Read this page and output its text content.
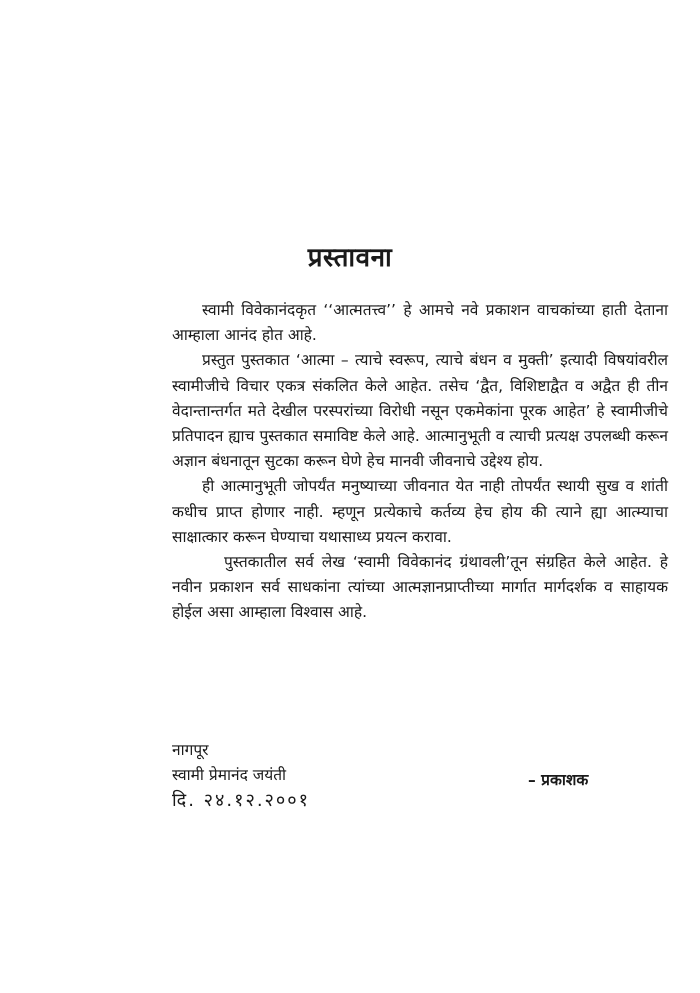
प्रस्तावना

स्वामी विवेकानंदकृत ‘‘आत्मतत्त्व’’ हे आमचे नवे प्रकाशन वाचकांच्या हाती देताना आम्हाला आनंद होत आहे.

प्रस्तुत पुस्तकात ‘आत्मा – त्याचे स्वरूप, त्याचे बंधन व मुक्ती’ इत्यादी विषयांवरील स्वामीजीचे विचार एकत्र संकलित केले आहेत. तसेच ‘द्वैत, विशिष्टाद्वैत व अद्वैत ही तीन वेदान्तान्तर्गत मते देखील परस्परांच्या विरोधी नसून एकमेकांना पूरक आहेत’ हे स्वामीजीचे प्रतिपादन ह्याच पुस्तकात समाविष्ट केले आहे. आत्मानुभूती व त्याची प्रत्यक्ष उपलब्धी करून अज्ञान बंधनातून सुटका करून घेणे हेच मानवी जीवनाचे उद्देश्य होय.

ही आत्मानुभूती जोपर्यंत मनुष्याच्या जीवनात येत नाही तोपर्यंत स्थायी सुख व शांती कधीच प्राप्त होणार नाही. म्हणून प्रत्येकाचे कर्तव्य हेच होय की त्याने ह्या आत्म्याचा साक्षात्कार करून घेण्याचा यथासाध्य प्रयत्न करावा.

पुस्तकातील सर्व लेख ‘स्वामी विवेकानंद ग्रंथावली’तून संग्रहित केले आहेत. हे नवीन प्रकाशन सर्व साधकांना त्यांच्या आत्मज्ञानप्राप्तीच्या मार्गात मार्गदर्शक व साहायक होईल असा आम्हाला विश्वास आहे.

नागपूर
स्वामी प्रेमानंद जयंती
दि. २४.१२.२००१
– प्रकाशक
